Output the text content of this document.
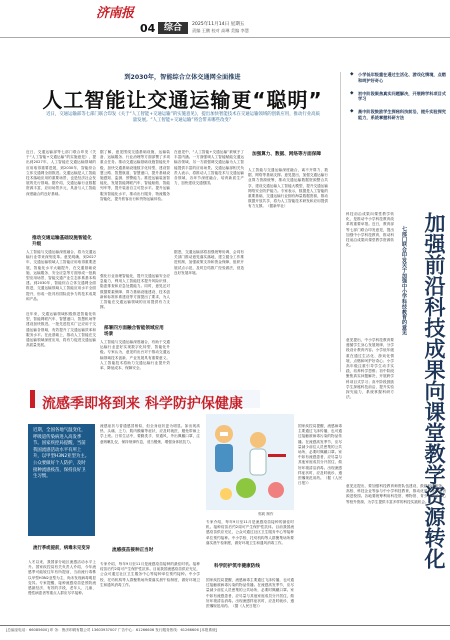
济南报
04 综合	2025年11月14日 星期五
责编 王鹏 校对 高琳 美编 李慧
到2030年，智能综合立体交通网全面推进
人工智能让交通运输更“聪明”
近日，交通运输部等七部门联合印发《关于“人工智能+交通运输”的实施意见》，提出加快智能技术在交通运输领域的创新应用，推动行业高质量发展。“人工智能+交通运输”将会带来哪些改变？
近日，交通运输部等七部门联合印发《关于“人工智能+交通运输”的实施意见》，提出到2027年，人工智能在交通运输领域的应用取得重要进展，到2030年，智能综合立体交通网全面推进。交通运输是人工智能技术落地应用的重要场景，也是经济社会发展的先行领域。据介绍，交通运输行业数据资源丰富，应用场景多元，具备与人工智能深度融合的良好基础。
推动交通运输基础设施智能化升级
人工智能与交通运输深度融合，将为交通运输行业带来深刻变革。意见明确，到2027年，交通运输领域人工智能应用取得重要进展，智能化水平大幅提升，在交通基础设施、运输服务、安全应急等方面形成一批典型应用场景，智能交通产业生态体系基本构建。到2030年，智能综合立体交通网全面推进，交通运输领域人工智能应用水平全面提升，形成一批具有国际竞争力的技术成果和产品。
近年来，交通运输领域积极推进智能化转型，智能网联汽车、智慧港口、智慧机场等建设加快推进。一批先进技术广泛应用于交通运输各领域，有效提升了交通运输效率和服务水平。在此基础上，推动人工智能在交通运输领域深度应用，将有力促进交通运输高质量发展。
据了解，意见围绕交通基础设施、运输装备、运输服务、行业治理等方面部署了多项重点任务。推动交通运输基础设施智能化升级，加快交通基础设施数字化转型，建设智慧公路、智慧航道、智慧港口，提升基础设施感知、监测、预警能力。推进运输装备智能化，发展智能网联汽车、智能船舶、智能列车等，提升装备自主可控水平。提升运输服务智能化水平，推动出行服务、物流服务智能化，提升旅客出行和货物运输体验。
强化行业治理智能化，提升交通运输安全应急能力，利用人工智能技术提升风险识别、隐患排查和应急处置能力。同时，意见还对数据要素保障、算力基础设施建设、技术创新和标准体系建设等方面提出了要求，为人工智能在交通运输领域的应用提供有力支撑。
部署四方面融合智能领域应用场景
人工智能与交通运输深度融合，有助于交通运输行业更好实现数字化转型、智能化升级。专家认为，意见的出台对于推动交通运输领域技术创新、产业发展具有重要意义。人工智能技术将助力交通运输行业提升效率、降低成本、保障安全。
在意见中，“人工智能+交通运输”被赋予了丰富内涵。一方面强调人工智能赋能交通运输各领域，另一方面强调交通运输为人工智能提供丰富的应用场景。交通运输部相关负责人表示，将推动人工智能技术与交通运输各领域、各环节深度融合，培育新质生产力，加快建设交通强国。
据悉，交通运输部将加强统筹协调，会同有关部门推动意见落实落地，建立健全工作推进机制，加强政策支持和资金保障，组织开展试点示范，及时总结推广经验做法，营造良好发展环境。
加强算力、数据、网络等方面保障
人工智能与交通运输深度融合，离不开算力、数据、网络等基础支撑。意见提出，加强交通运输行业算力资源统筹，推动交通运输数据资源整合共享，建设交通运输人工智能大模型，提升交通运输网络安全防护能力。专家表示，数据是人工智能的重要基础，交通运输行业拥有海量数据资源，推动数据开放共享，将为人工智能技术研发和应用提供有力支撑。（据新华社）
◆ 小学低年级重在通过生活化、游戏化情境，点燃和呵护好奇心
◆ 初中阶段聚焦真实问题解决，开展跨学科项目式学习
◆ 高中阶段鼓励学生探秘科技前沿，提升实验探究能力，系统掌握科研方法
加强前沿科技成果向课堂教学资源转化
七部门联合印发关于加强中小学科技教育的意见
科技前沿成果向课堂教学转化，是推动中小学科技教育改革的重要举措。近日，教育部等七部门联合印发意见，提出加强中小学科技教育，推动科技前沿成果向课堂教学资源转化。
意见提出，中小学科技教育要遵循学生身心发展规律，分学段设计教育内容。小学低年级重在通过生活化、游戏化情境，点燃和呵护好奇心；小学高年级注重引导学生动手实践，培养科学思维；初中阶段聚焦真实问题解决，开展跨学科项目式学习；高中阶段鼓励学生探秘科技前沿，提升实验探究能力，系统掌握科研方法。
意见还提出，要加强科技教育师资队伍建设，鼓励科研院所、高校、科技企业等参与中小学科技教育，推动优质科技教育资源进校园。各地要统筹利用科技馆、博物馆、青少年活动中心等校外资源，为学生提供丰富多样的科技实践机会。
流感季即将到来 科学防护保健康
近期，全国各地气温变化，呼吸道传染病进入高发季节。国家疾控局提醒，当前我国流感活动水平有所上升，以甲型H3N2亚型为主。公众要做好个人防护，及时接种流感疫苗，保持良好卫生习惯。
流行季或提前，病毒未见变异
入冬以来，我国部分地区流感活动水平上升。国家疾控局有关负责人介绍，今年流感季可能较往年有所提前，当前流行毒株以甲型H3N2亚型为主，尚未发现病毒明显变异。专家提醒，接种流感疫苗是预防流感最经济、有效的手段，老年人、儿童、慢性病患者等重点人群应尽早接种。
流感症状与普通感冒相似，但全身症状更为明显。如出现高热、头痛、乏力、肌肉酸痛等症状，应及时就医，避免带病上学上班。日常生活中，要勤洗手、常通风，外出佩戴口罩，注意咳嗽礼仪，保持规律作息，适当锻炼，增强身体抵抗力。
流感疫苗接种正当时
专家介绍，每年9月至11月是流感疫苗接种的最佳时机。接种疫苗后约2周可产生保护性抗体。目前我国流感疫苗供应充足，公众可通过社区卫生服务中心等接种单位预约接种。中小学校、托幼机构等人群聚集场所要落实晨午检制度，做好环境卫生和通风消毒工作。
郭莉 制作
专家介绍，每年9月至11月是流感疫苗接种的最佳时机。接种疫苗后约2周可产生保护性抗体。目前我国流感疫苗供应充足，公众可通过社区卫生服务中心等接种单位预约接种。中小学校、托幼机构等人群聚集场所要落实晨午检制度，做好环境卫生和通风消毒工作。
科学防护筑牢健康防线
国家疾控局提醒，流感病毒主要通过飞沫传播，也可通过接触被病毒污染的物品传播。在流感高发季节，应尽量减少前往人员密集的公共场所，必要时佩戴口罩。家中如有流感患者，应尽量与其他家庭成员分开居住，做好环境清洁消毒。出现流感样症状时，应及时就诊，遵医嘱规范用药。（据《人民日报》）
国家疾控局提醒，流感病毒主要通过飞沫传播，也可通过接触被病毒污染的物品传播。在流感高发季节，应尽量减少前往人员密集的公共场所，必要时佩戴口罩。家中如有流感患者，应尽量与其他家庭成员分开居住，做好环境清洁消毒。出现流感样症状时，应及时就诊，遵医嘱规范用药。（据《人民日报》）
[总编室电话：66085600] 印 务：鲁济印刷有限公司 13603937007 广告中心：61266606 发行服务热线：61266606 [本报系统]
